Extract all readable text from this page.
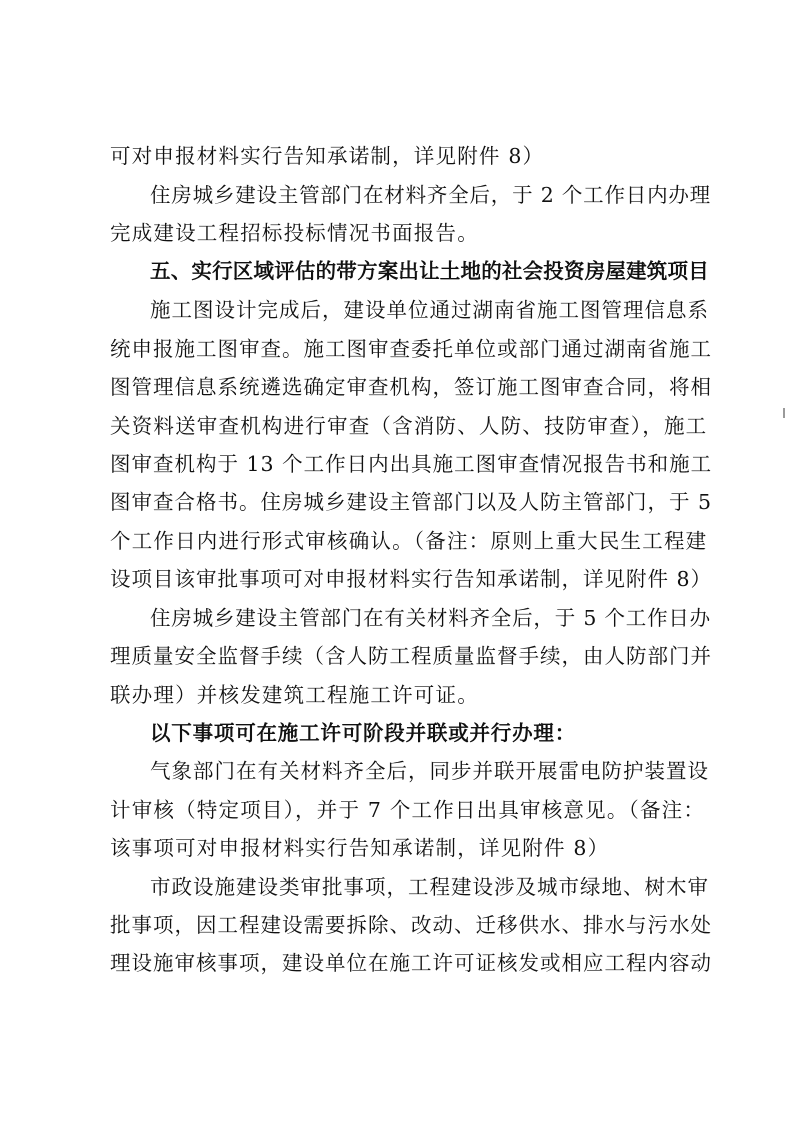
可对申报材料实行告知承诺制，详见附件 8）
住房城乡建设主管部门在材料齐全后，于 2 个工作日内办理
完成建设工程招标投标情况书面报告。
五、实行区域评估的带方案出让土地的社会投资房屋建筑项目
施工图设计完成后，建设单位通过湖南省施工图管理信息系
统申报施工图审查。施工图审查委托单位或部门通过湖南省施工
图管理信息系统遴选确定审查机构，签订施工图审查合同，将相
关资料送审查机构进行审查（含消防、人防、技防审查），施工
图审查机构于 13 个工作日内出具施工图审查情况报告书和施工
图审查合格书。住房城乡建设主管部门以及人防主管部门，于 5
个工作日内进行形式审核确认。（备注：原则上重大民生工程建
设项目该审批事项可对申报材料实行告知承诺制，详见附件 8）
住房城乡建设主管部门在有关材料齐全后，于 5 个工作日办
理质量安全监督手续（含人防工程质量监督手续，由人防部门并
联办理）并核发建筑工程施工许可证。
以下事项可在施工许可阶段并联或并行办理：
气象部门在有关材料齐全后，同步并联开展雷电防护装置设
计审核（特定项目），并于 7 个工作日出具审核意见。（备注：
该事项可对申报材料实行告知承诺制，详见附件 8）
市政设施建设类审批事项，工程建设涉及城市绿地、树木审
批事项，因工程建设需要拆除、改动、迁移供水、排水与污水处
理设施审核事项，建设单位在施工许可证核发或相应工程内容动
